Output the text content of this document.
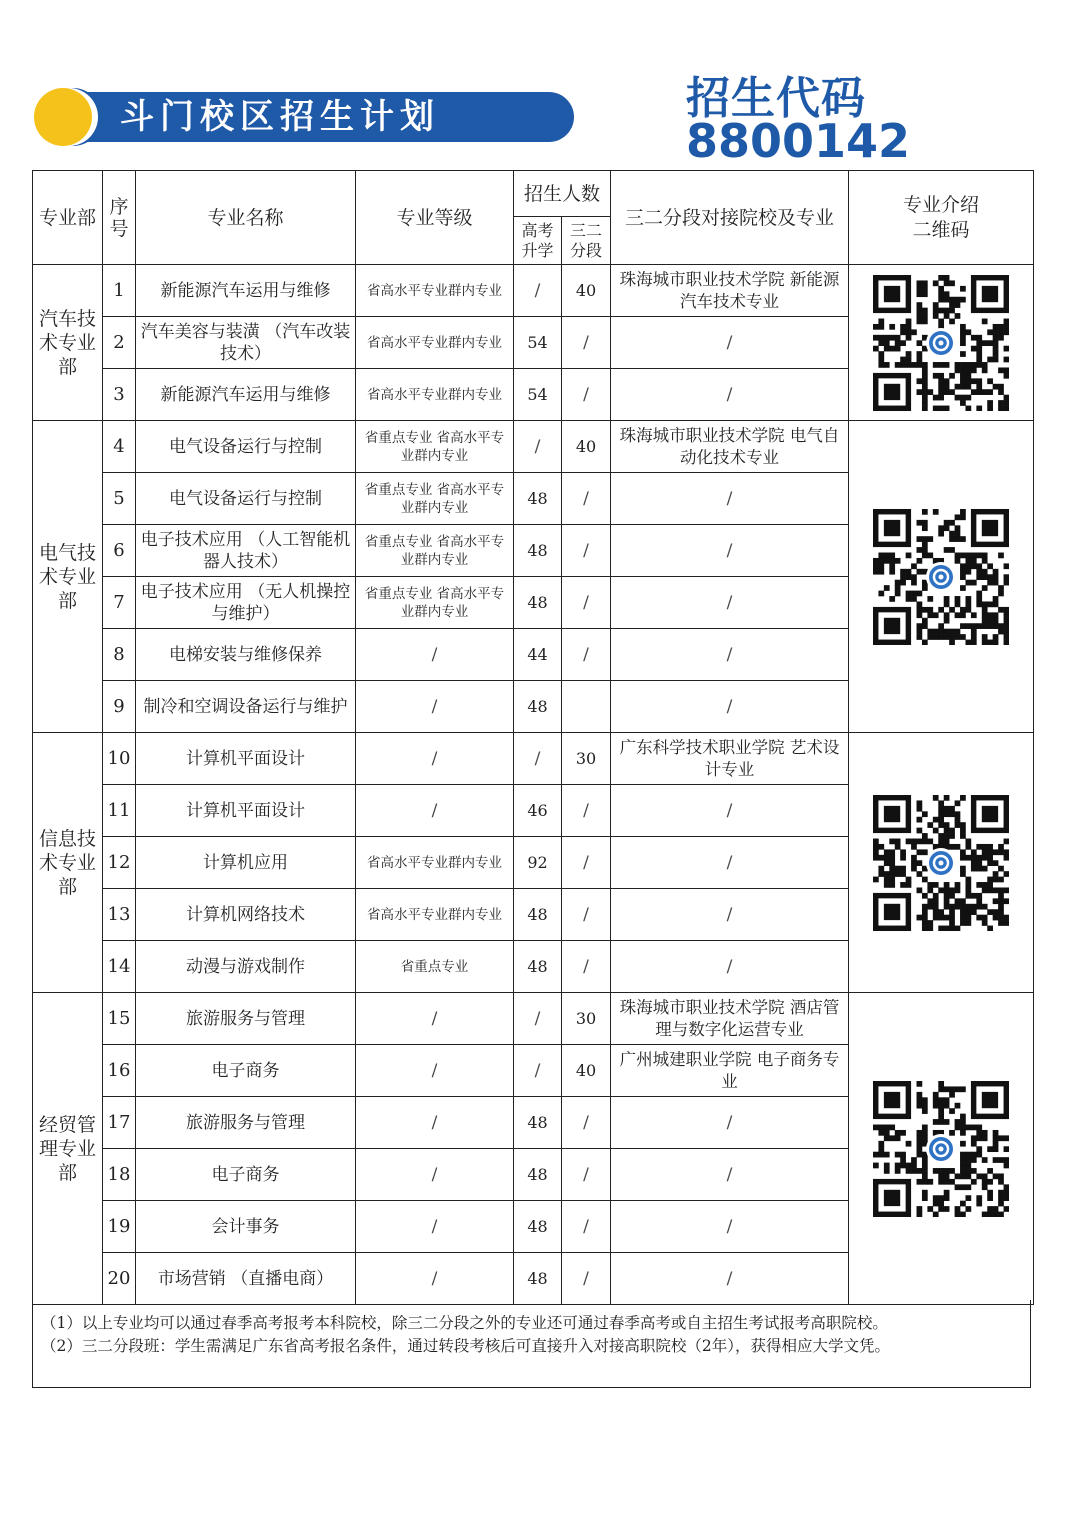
斗门校区招生计划	招生代码
8800142
专业部	序号	专业名称	专业等级	招生人数		三二分段对接院校及专业	专业介绍二维码
				高考升学	三二分段		
汽车技术专业部	1	新能源汽车运用与维修	省高水平专业群内专业	/	40	珠海城市职业技术学院 新能源汽车技术专业	

	2	汽车美容与装潢 （汽车改装技术）	省高水平专业群内专业	54	/	/	
	3	新能源汽车运用与维修	省高水平专业群内专业	54	/	/	
电气技术专业部	4	电气设备运行与控制	省重点专业 省高水平专业群内专业	/	40	珠海城市职业技术学院 电气自动化技术专业	

	5	电气设备运行与控制	省重点专业 省高水平专业群内专业	48	/	/	
	6	电子技术应用 （人工智能机器人技术）	省重点专业 省高水平专业群内专业	48	/	/	
	7	电子技术应用 （无人机操控与维护）	省重点专业 省高水平专业群内专业	48	/	/	
	8	电梯安装与维修保养	/	44	/	/	
	9	制冷和空调设备运行与维护	/	48		/	
信息技术专业部	10	计算机平面设计	/	/	30	广东科学技术职业学院 艺术设计专业	

	11	计算机平面设计	/	46	/	/	
	12	计算机应用	省高水平专业群内专业	92	/	/	
	13	计算机网络技术	省高水平专业群内专业	48	/	/	
	14	动漫与游戏制作	省重点专业	48	/	/	
经贸管理专业部	15	旅游服务与管理	/	/	30	珠海城市职业技术学院 酒店管理与数字化运营专业	

	16	电子商务	/	/	40	广州城建职业学院 电子商务专业	
	17	旅游服务与管理	/	48	/	/	
	18	电子商务	/	48	/	/	
	19	会计事务	/	48	/	/	
	20	市场营销 （直播电商）	/	48	/	/	
（1）以上专业均可以通过春季高考报考本科院校，除三二分段之外的专业还可通过春季高考或自主招生考试报考高职院校。
（2）三二分段班：学生需满足广东省高考报名条件，通过转段考核后可直接升入对接高职院校（2年），获得相应大学文凭。
